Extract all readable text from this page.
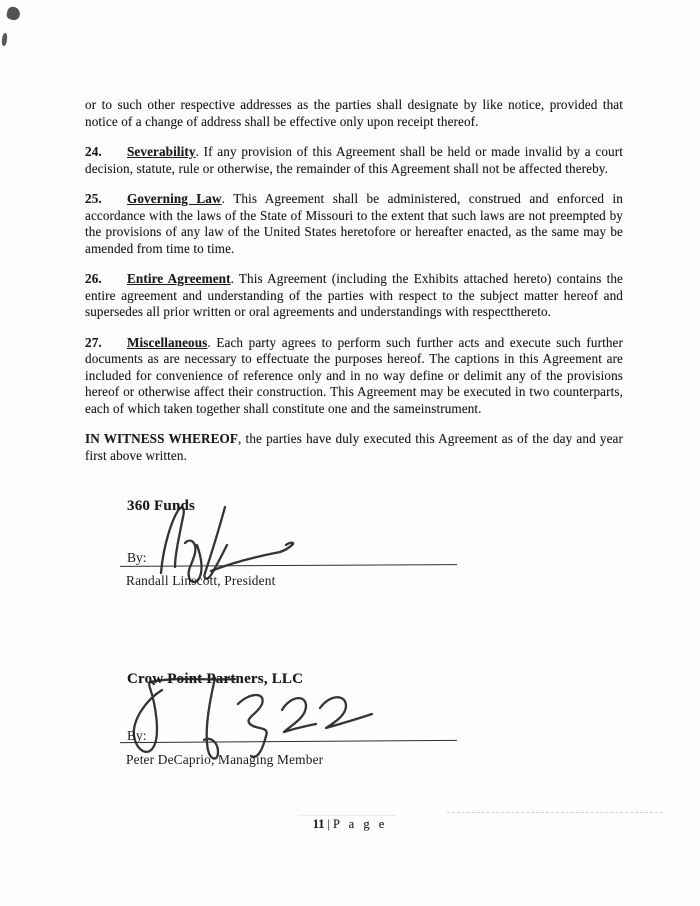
or to such other respective addresses as the parties shall designate by like notice, provided that notice of a change of address shall be effective only upon receipt thereof.

24. Severability. If any provision of this Agreement shall be held or made invalid by a court decision, statute, rule or otherwise, the remainder of this Agreement shall not be affected thereby.

25. Governing Law. This Agreement shall be administered, construed and enforced in accordance with the laws of the State of Missouri to the extent that such laws are not preempted by the provisions of any law of the United States heretofore or hereafter enacted, as the same may be amended from time to time.

26. Entire Agreement. This Agreement (including the Exhibits attached hereto) contains the entire agreement and understanding of the parties with respect to the subject matter hereof and supersedes all prior written or oral agreements and understandings with respectthereto.

27. Miscellaneous. Each party agrees to perform such further acts and execute such further documents as are necessary to effectuate the purposes hereof. The captions in this Agreement are included for convenience of reference only and in no way define or delimit any of the provisions hereof or otherwise affect their construction. This Agreement may be executed in two counterparts, each of which taken together shall constitute one and the sameinstrument.

IN WITNESS WHEREOF, the parties have duly executed this Agreement as of the day and year first above written.

360 Funds
By:
Randall Linscott, President
Crow Point Partners, LLC
By:
Peter DeCaprio, Managing Member
11 | P a g e
